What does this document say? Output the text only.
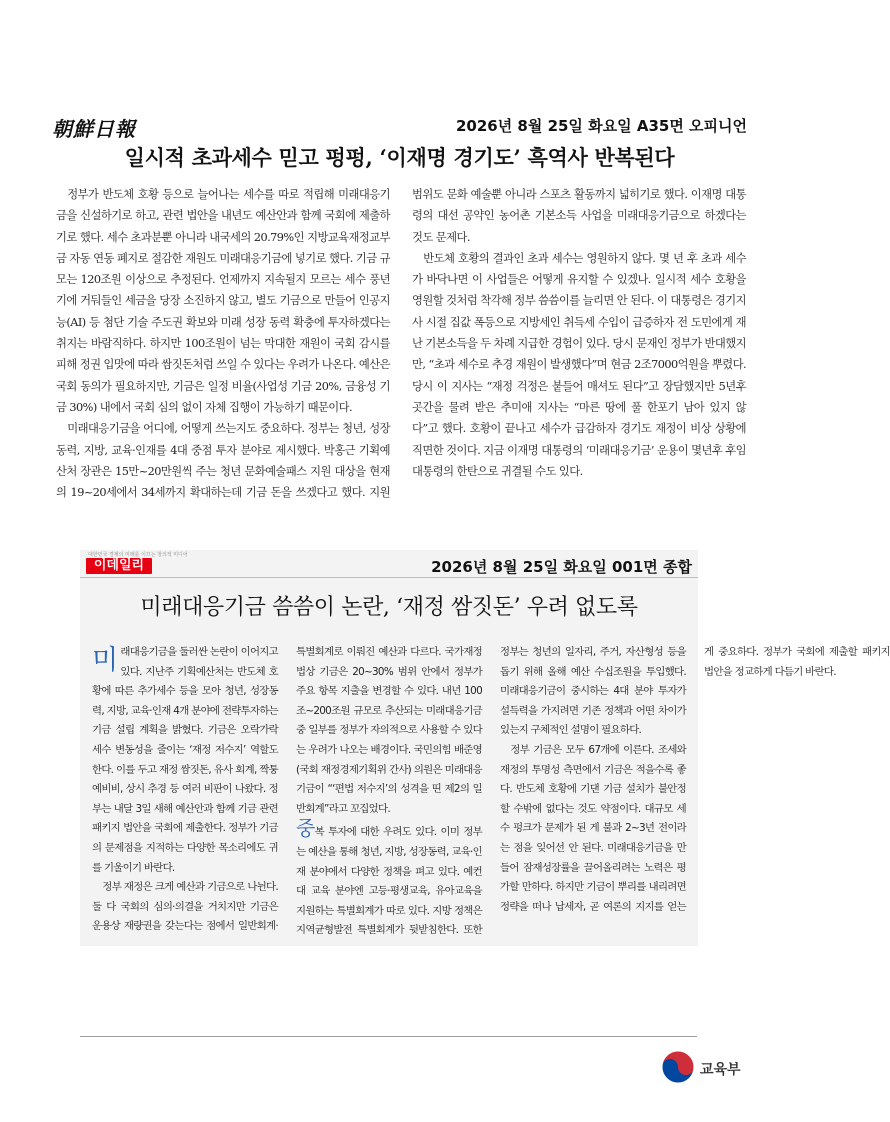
朝鮮日報	2026년 8월 25일 화요일 A35면 오피니언
일시적 초과세수 믿고 펑펑, ‘이재명 경기도’ 흑역사 반복된다

정부가 반도체 호황 등으로 늘어나는 세수를 따로 적립해 미래대응기금을 신설하기로 하고, 관련 법안을 내년도 예산안과 함께 국회에 제출하기로 했다. 세수 초과분뿐 아니라 내국세의 20.79%인 지방교육재정교부금 자동 연동 폐지로 절감한 재원도 미래대응기금에 넣기로 했다. 기금 규모는 120조원 이상으로 추정된다. 언제까지 지속될지 모르는 세수 풍년기에 거둬들인 세금을 당장 소진하지 않고, 별도 기금으로 만들어 인공지능(AI) 등 첨단 기술 주도권 확보와 미래 성장 동력 확충에 투자하겠다는 취지는 바람직하다. 하지만 100조원이 넘는 막대한 재원이 국회 감시를 피해 정권 입맛에 따라 쌈짓돈처럼 쓰일 수 있다는 우려가 나온다. 예산은 국회 동의가 필요하지만, 기금은 일정 비율(사업성 기금 20%, 금융성 기금 30%) 내에서 국회 심의 없이 자체 집행이 가능하기 때문이다.

미래대응기금을 어디에, 어떻게 쓰는지도 중요하다. 정부는 청년, 성장 동력, 지방, 교육·인재를 4대 중점 투자 분야로 제시했다. 박홍근 기획예산처 장관은 15만~20만원씩 주는 청년 문화예술패스 지원 대상을 현재의 19~20세에서 34세까지 확대하는데 기금 돈을 쓰겠다고 했다. 지원 범위도 문화 예술뿐 아니라 스포츠 활동까지 넓히기로 했다. 이재명 대통령의 대선 공약인 농어촌 기본소득 사업을 미래대응기금으로 하겠다는 것도 문제다.

반도체 호황의 결과인 초과 세수는 영원하지 않다. 몇 년 후 초과 세수가 바닥나면 이 사업들은 어떻게 유지할 수 있겠나. 일시적 세수 호황을 영원할 것처럼 착각해 정부 씀씀이를 늘리면 안 된다. 이 대통령은 경기지사 시절 집값 폭등으로 지방세인 취득세 수입이 급증하자 전 도민에게 재난 기본소득을 두 차례 지급한 경험이 있다. 당시 문재인 정부가 반대했지만, “초과 세수로 추경 재원이 발생했다”며 현금 2조7000억원을 뿌렸다. 당시 이 지사는 “재정 걱정은 붙들어 매셔도 된다”고 장담했지만 5년후 곳간을 물려 받은 추미애 지사는 “마른 땅에 풀 한포기 남아 있지 않다”고 했다. 호황이 끝나고 세수가 급감하자 경기도 재정이 비상 상황에 직면한 것이다. 지금 이재명 대통령의 ‘미래대응기금’ 운용이 몇년후 후임 대통령의 한탄으로 귀결될 수도 있다.

대한민국 경제의 미래를 이끄는 창의적 미디어
이데일리	2026년 8월 25일 화요일 001면 종합
미래대응기금 씀씀이 논란, ‘재정 쌈짓돈’ 우려 없도록

미래대응기금을 둘러싼 논란이 이어지고 있다. 지난주 기획예산처는 반도체 호황에 따른 추가세수 등을 모아 청년, 성장동력, 지방, 교육·인재 4개 분야에 전략투자하는 기금 설립 계획을 밝혔다. 기금은 오락가락 세수 변동성을 줄이는 ‘재정 저수지’ 역할도 한다. 이를 두고 재정 쌈짓돈, 유사 회계, 짝퉁 예비비, 상시 추경 등 여러 비판이 나왔다. 정부는 내달 3일 새해 예산안과 함께 기금 관련 패키지 법안을 국회에 제출한다. 정부가 기금의 문제점을 지적하는 다양한 목소리에도 귀를 기울이기 바란다.

정부 재정은 크게 예산과 기금으로 나뉜다. 둘 다 국회의 심의·의결을 거치지만 기금은 운용상 재량권을 갖는다는 점에서 일반회계·특별회계로 이뤄진 예산과 다르다. 국가재정법상 기금은 20~30% 범위 안에서 정부가 주요 항목 지출을 변경할 수 있다. 내년 100조~200조원 규모로 추산되는 미래대응기금 중 일부를 정부가 자의적으로 사용할 수 있다는 우려가 나오는 배경이다. 국민의힘 배준영(국회 재정경제기획위 간사) 의원은 미래대응기금이 “‘편법 저수지’의 성격을 띤 제2의 일반회계”라고 꼬집었다.

중복 투자에 대한 우려도 있다. 이미 정부는 예산을 통해 청년, 지방, 성장동력, 교육·인재 분야에서 다양한 정책을 펴고 있다. 예컨대 교육 분야엔 고등·평생교육, 유아교육을 지원하는 특별회계가 따로 있다. 지방 정책은 지역균형발전 특별회계가 뒷받침한다. 또한 정부는 청년의 일자리, 주거, 자산형성 등을 돕기 위해 올해 예산 수십조원을 투입했다. 미래대응기금이 중시하는 4대 분야 투자가 설득력을 가지려면 기존 정책과 어떤 차이가 있는지 구체적인 설명이 필요하다.

정부 기금은 모두 67개에 이른다. 조세와 재정의 투명성 측면에서 기금은 적을수록 좋다. 반도체 호황에 기댄 기금 설치가 불안정할 수밖에 없다는 것도 약점이다. 대규모 세수 펑크가 문제가 된 게 불과 2~3년 전이라는 점을 잊어선 안 된다. 미래대응기금을 만들어 잠재성장률을 끌어올리려는 노력은 평가할 만하다. 하지만 기금이 뿌리를 내리려면 정략을 떠나 납세자, 곧 여론의 지지를 얻는 게 중요하다. 정부가 국회에 제출할 패키지 법안을 정교하게 다듬기 바란다.

교육부
